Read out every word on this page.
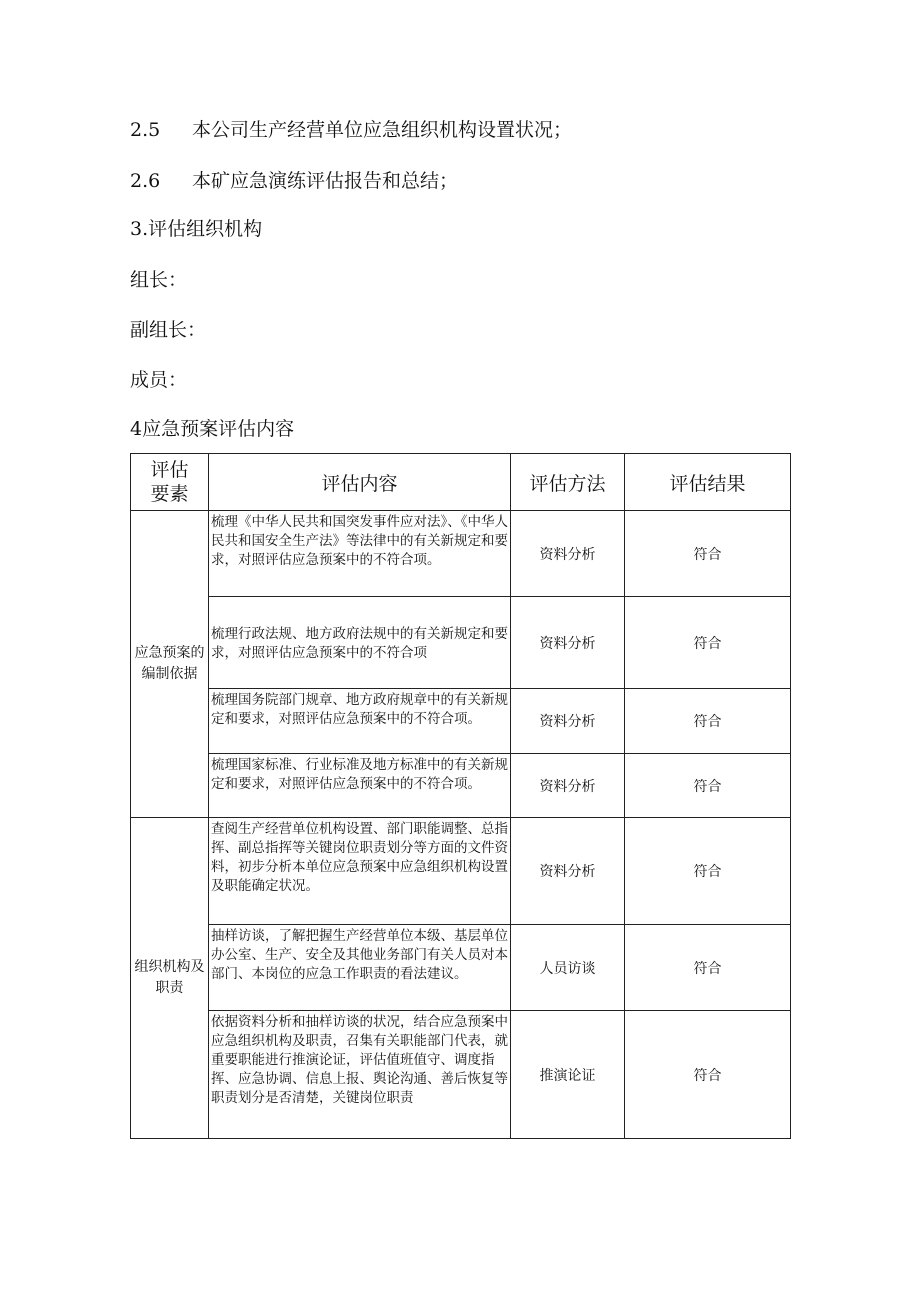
2.5 本公司生产经营单位应急组织机构设置状况；
2.6 本矿应急演练评估报告和总结；
3.评估组织机构
组长：
副组长：
成员：
4应急预案评估内容
评估
要素	评估内容	评估方法	评估结果
应急预案的编制依据	梳理《中华人民共和国突发事件应对法》、《中华人民共和国安全生产法》等法律中的有关新规定和要求，对照评估应急预案中的不符合项。	资料分析	符合
	梳理行政法规、地方政府法规中的有关新规定和要求，对照评估应急预案中的不符合项	资料分析	符合
	梳理国务院部门规章、地方政府规章中的有关新规定和要求，对照评估应急预案中的不符合项。	资料分析	符合
	梳理国家标准、行业标准及地方标准中的有关新规定和要求，对照评估应急预案中的不符合项。	资料分析	符合
组织机构及职责	查阅生产经营单位机构设置、部门职能调整、总指挥、副总指挥等关键岗位职责划分等方面的文件资料，初步分析本单位应急预案中应急组织机构设置及职能确定状况。	资料分析	符合
	抽样访谈，了解把握生产经营单位本级、基层单位办公室、生产、安全及其他业务部门有关人员对本部门、本岗位的应急工作职责的看法建议。	人员访谈	符合
	依据资料分析和抽样访谈的状况，结合应急预案中应急组织机构及职责，召集有关职能部门代表，就重要职能进行推演论证，评估值班值守、调度指挥、应急协调、信息上报、舆论沟通、善后恢复等职责划分是否清楚，关键岗位职责	推演论证	符合
